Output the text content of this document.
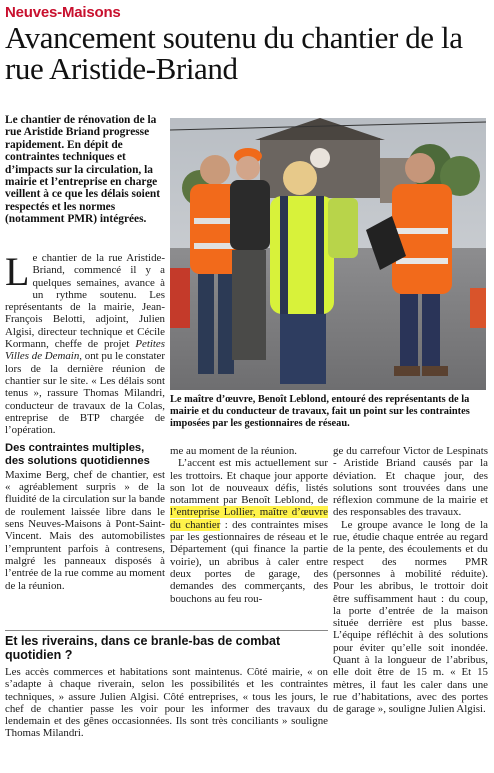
Neuves-Maisons
Avancement soutenu du chantier de la rue Aristide-Briand
Le chantier de rénovation de la rue Aristide Briand progresse rapidement. En dépit de contraintes techniques et d’impacts sur la circulation, la mairie et l’entreprise en charge veillent à ce que les délais soient respectés et les normes (notamment PMR) intégrées.
Le maître d’œuvre, Benoît Leblond, entouré des représentants de la mairie et du conducteur de travaux, fait un point sur les contraintes imposées par les gestionnaires de réseau.

Le chantier de la rue Aristide-Briand, commencé il y a quelques semaines, avance à un rythme soutenu. Les représentants de la mairie, Jean-François Belotti, adjoint, Julien Algisi, directeur technique et Cécile Kormann, cheffe de projet Petites Villes de Demain, ont pu le constater lors de la dernière réunion de chantier sur le site. « Les délais sont tenus », rassure Thomas Milandri, conducteur de travaux de la Colas, entreprise de BTP chargée de l’opération.

Des contraintes multiples, des solutions quotidiennes

Maxime Berg, chef de chantier, est « agréablement surpris » de la fluidité de la circulation sur la bande de roulement laissée libre dans le sens Neuves-Maisons à Pont-Saint-Vincent. Mais des automobilistes l’empruntent parfois à contresens, malgré les panneaux disposés à l’entrée de la rue comme au moment de la réunion.

me au moment de la réunion.

L’accent est mis actuellement sur les trottoirs. Et chaque jour apporte son lot de nouveaux défis, listés notamment par Benoît Leblond, de l’entreprise Lollier, maître d’œuvre du chantier : des contraintes mises par les gestionnaires de réseau et le Département (qui finance la partie voirie), un abribus à caler entre deux portes de garage, des demandes des commerçants, des bouchons au feu rou-

ge du carrefour Victor de Lespinats - Aristide Briand causés par la déviation. Et chaque jour, des solutions sont trouvées dans une réflexion commune de la mairie et des responsables des travaux.

Le groupe avance le long de la rue, étudie chaque entrée au regard de la pente, des écoulements et du respect des normes PMR (personnes à mobilité réduite). Pour les abribus, le trottoir doit être suffisamment haut : du coup, la porte d’entrée de la maison située derrière est plus basse. L’équipe réfléchit à des solutions pour éviter qu’elle soit inondée. Quant à la longueur de l’abribus, elle doit être de 15 m. « Et 15 mètres, il faut les caler dans une rue d’habitations, avec des portes de garage », souligne Julien Algisi.

Et les riverains, dans ce branle-bas de combat quotidien ?
Les accès commerces et habitations sont maintenus. Côté mairie, « on s’adapte à chaque riverain, selon les possibilités et les contraintes techniques, » assure Julien Algisi. Côté entreprises, « tous les jours, le chef de chantier passe les voir pour les informer des travaux du lendemain et des gênes occasionnées. Ils sont très conciliants » souligne Thomas Milandri.
